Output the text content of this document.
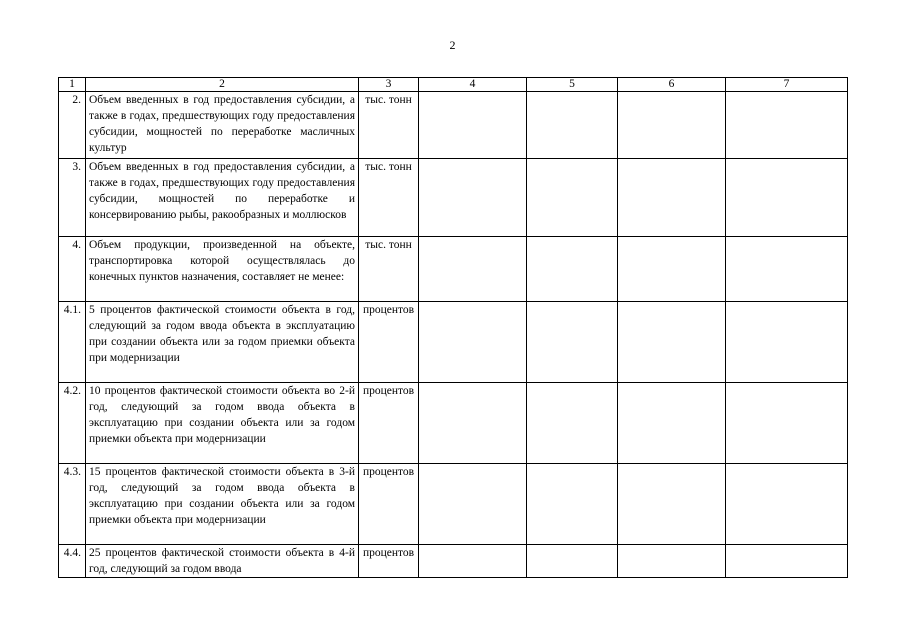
2
1	2	3	4	5	6	7
2.	Объем введенных в год предоставления субсидии, а также в годах, предшествующих году предоставления субсидии, мощностей по переработке масличных культур	тыс. тонн				
3.	Объем введенных в год предоставления субсидии, а также в годах, предшествующих году предоставления субсидии, мощностей по переработке и консервированию рыбы, ракообразных и моллюсков	тыс. тонн				
4.	Объем продукции, произведенной на объекте, транспортировка которой осуществлялась до конечных пунктов назначения, составляет не менее:	тыс. тонн				
4.1.	5 процентов фактической стоимости объекта в год, следующий за годом ввода объекта в эксплуатацию при создании объекта или за годом приемки объекта при модернизации	процентов				
4.2.	10 процентов фактической стоимости объекта во 2-й год, следующий за годом ввода объекта в эксплуатацию при создании объекта или за годом приемки объекта при модернизации	процентов				
4.3.	15 процентов фактической стоимости объекта в 3-й год, следующий за годом ввода объекта в эксплуатацию при создании объекта или за годом приемки объекта при модернизации	процентов				
4.4.	25 процентов фактической стоимости объекта в 4-й год, следующий за годом ввода	процентов				
